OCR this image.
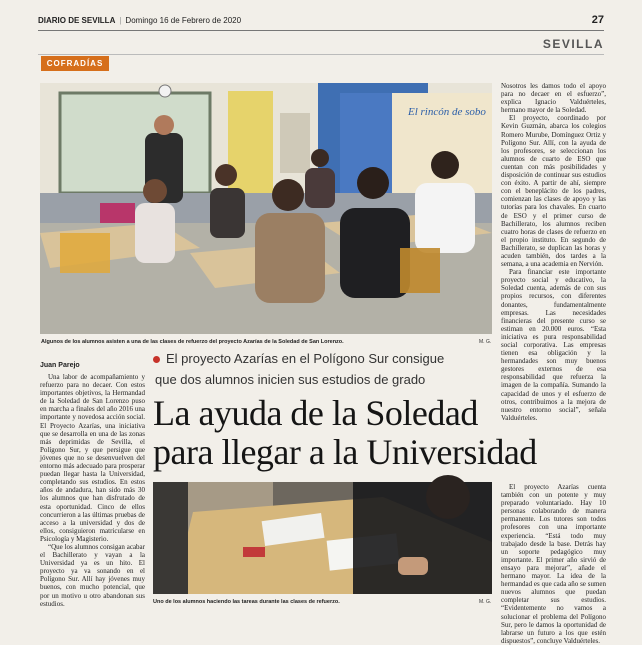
DIARIO DE SEVILLA | Domingo 16 de Febrero de 2020	27
SEVILLA
COFRADÍAS
El rincón de sobo
Algunos de los alumnos asisten a una de las clases de refuerzo del proyecto Azarías de la Soledad de San Lorenzo.	M. G.
El proyecto Azarías en el Polígono Sur consigue
que dos alumnos inicien sus estudios de grado
La ayuda de la Soledad
para llegar a la Universidad
Juan Parejo

Una labor de acompañamiento y refuerzo para no decaer. Con estos importantes objetivos, la Hermandad de la Soledad de San Lorenzo puso en marcha a finales del año 2016 una importante y novedosa acción social. El Proyecto Azarías, una iniciativa que se desarrolla en una de las zonas más deprimidas de Sevilla, el Polígono Sur, y que persigue que jóvenes que no se desenvuelven del entorno más adecuado para prosperar puedan llegar hasta la Universidad, completando sus estudios. En estos años de andadura, han sido más 30 los alumnos que han disfrutado de esta oportunidad. Cinco de ellos concurrieron a las últimas pruebas de acceso a la universidad y dos de ellos, consiguieron matricularse en Psicología y Magisterio.

“Que los alumnos consigan acabar el Bachillerato y vayan a la Universidad ya es un hito. El proyecto ya va sonando en el Polígono Sur. Allí hay jóvenes muy buenos, con mucho potencial, que por un motivo u otro abandonan sus estudios.	Uno de los alumnos haciendo las tareas durante las clases de refuerzo.	M. G.

Nosotros les damos todo el apoyo para no decaer en el esfuerzo”, explica Ignacio Valduérteles, hermano mayor de la Soledad.

El proyecto, coordinado por Kevin Guzmán, abarca los colegios Romero Murube, Domínguez Ortiz y Polígono Sur. Allí, con la ayuda de los profesores, se seleccionan los alumnos de cuarto de ESO que cuentan con más posibilidades y disposición de continuar sus estudios con éxito. A partir de ahí, siempre con el beneplácito de los padres, comienzan las clases de apoyo y las tutorías para los chavales. En cuarto de ESO y el primer curso de Bachillerato, los alumnos reciben cuatro horas de clases de refuerzo en el propio instituto. En segundo de Bachillerato, se duplican las horas y acuden también, dos tardes a la semana, a una academia en Nervión.

Para financiar este importante proyecto social y educativo, la Soledad cuenta, además de con sus propios recursos, con diferentes donantes, fundamentalmente empresas. Las necesidades financieras del presente curso se estiman en 20.000 euros. “Esta iniciativa es pura responsabilidad social corporativa. Las empresas tienen esa obligación y la hermandades son muy buenos gestores externos de esa responsabilidad que refuerza la imagen de la compañía. Sumando la capacidad de unos y el esfuerzo de otros, contribuimos a la mejora de nuestro entorno social”, señala Valduérteles.

El proyecto Azarías cuenta también con un potente y muy preparado voluntariado. Hay 10 personas colaborando de manera permanente. Los tutores son todos profesores con una importante experiencia. “Está todo muy trabajado desde la base. Detrás hay un soporte pedagógico muy importante. El primer año sirvió de ensayo para mejorar”, añade el hermano mayor. La idea de la hermandad es que cada año se sumen nuevos alumnos que puedan completar sus estudios. “Evidentemente no vamos a solucionar el problema del Polígono Sur, pero le damos la oportunidad de labrarse un futuro a los que estén dispuestos”, concluye Valduérteles.
